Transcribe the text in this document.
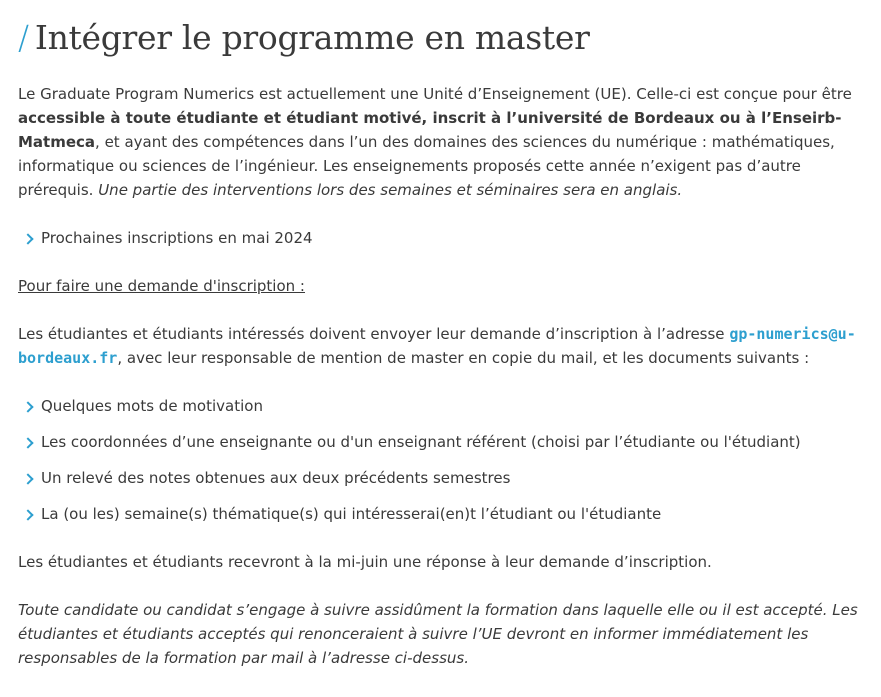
/ Intégrer le programme en master

Le Graduate Program Numerics est actuellement une Unité d’Enseignement (UE). Celle-ci est conçue pour être accessible à toute étudiante et étudiant motivé, inscrit à l’université de Bordeaux ou à l’Enseirb-Matmeca, et ayant des compétences dans l’un des domaines des sciences du numérique : mathématiques, informatique ou sciences de l’ingénieur. Les enseignements proposés cette année n’exigent pas d’autre prérequis. Une partie des interventions lors des semaines et séminaires sera en anglais.

Prochaines inscriptions en mai 2024

Pour faire une demande d'inscription :

Les étudiantes et étudiants intéressés doivent envoyer leur demande d’inscription à l’adresse gp-numerics@u-bordeaux.fr, avec leur responsable de mention de master en copie du mail, et les documents suivants :

Quelques mots de motivation
Les coordonnées d’une enseignante ou d'un enseignant référent (choisi par l’étudiante ou l'étudiant)
Un relevé des notes obtenues aux deux précédents semestres
La (ou les) semaine(s) thématique(s) qui intéresserai(en)t l’étudiant ou l'étudiante

Les étudiantes et étudiants recevront à la mi-juin une réponse à leur demande d’inscription.

Toute candidate ou candidat s’engage à suivre assidûment la formation dans laquelle elle ou il est accepté. Les étudiantes et étudiants acceptés qui renonceraient à suivre l’UE devront en informer immédiatement les responsables de la formation par mail à l’adresse ci-dessus.
